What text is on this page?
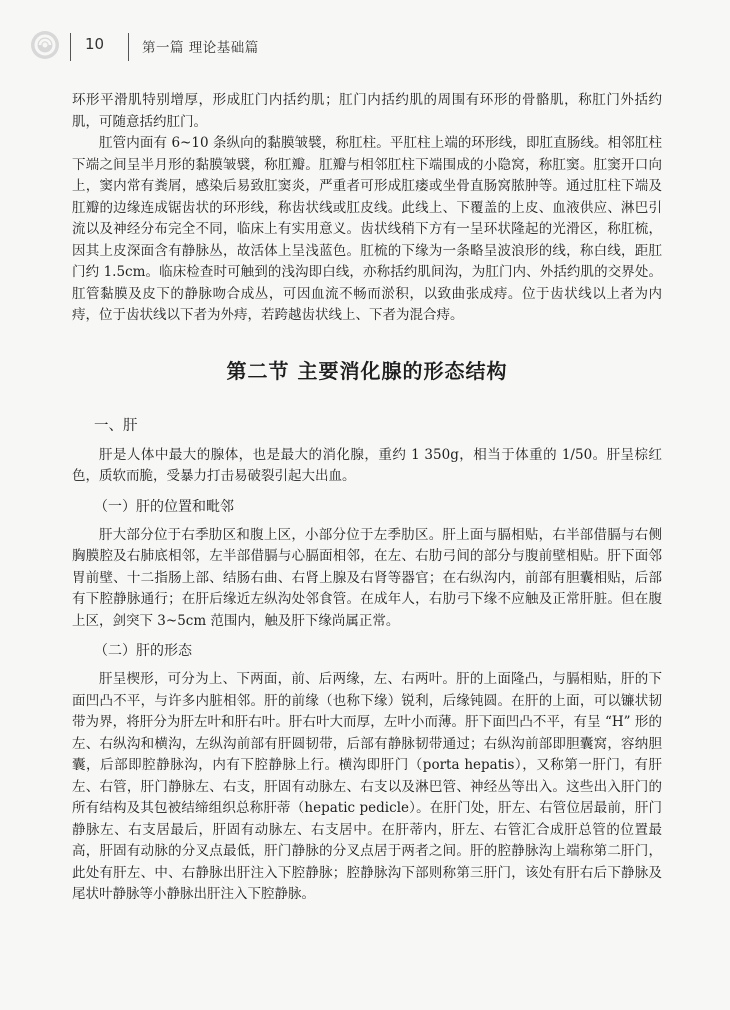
10	第一篇 理论基础篇

环形平滑肌特别增厚，形成肛门内括约肌；肛门内括约肌的周围有环形的骨骼肌，称肛门外括约肌，可随意括约肛门。

肛管内面有 6~10 条纵向的黏膜皱襞，称肛柱。平肛柱上端的环形线，即肛直肠线。相邻肛柱下端之间呈半月形的黏膜皱襞，称肛瓣。肛瓣与相邻肛柱下端围成的小隐窝，称肛窦。肛窦开口向上，窦内常有粪屑，感染后易致肛窦炎，严重者可形成肛瘘或坐骨直肠窝脓肿等。通过肛柱下端及肛瓣的边缘连成锯齿状的环形线，称齿状线或肛皮线。此线上、下覆盖的上皮、血液供应、淋巴引流以及神经分布完全不同，临床上有实用意义。齿状线稍下方有一呈环状隆起的光滑区，称肛梳，因其上皮深面含有静脉丛，故活体上呈浅蓝色。肛梳的下缘为一条略呈波浪形的线，称白线，距肛门约 1.5cm。临床检查时可触到的浅沟即白线，亦称括约肌间沟，为肛门内、外括约肌的交界处。肛管黏膜及皮下的静脉吻合成丛，可因血流不畅而淤积，以致曲张成痔。位于齿状线以上者为内痔，位于齿状线以下者为外痔，若跨越齿状线上、下者为混合痔。

第二节 主要消化腺的形态结构
一、肝

肝是人体中最大的腺体，也是最大的消化腺，重约 1 350g，相当于体重的 1/50。肝呈棕红色，质软而脆，受暴力打击易破裂引起大出血。

（一）肝的位置和毗邻

肝大部分位于右季肋区和腹上区，小部分位于左季肋区。肝上面与膈相贴，右半部借膈与右侧胸膜腔及右肺底相邻，左半部借膈与心膈面相邻，在左、右肋弓间的部分与腹前壁相贴。肝下面邻胃前壁、十二指肠上部、结肠右曲、右肾上腺及右肾等器官；在右纵沟内，前部有胆囊相贴，后部有下腔静脉通行；在肝后缘近左纵沟处邻食管。在成年人，右肋弓下缘不应触及正常肝脏。但在腹上区，剑突下 3~5cm 范围内，触及肝下缘尚属正常。

（二）肝的形态

肝呈楔形，可分为上、下两面，前、后两缘，左、右两叶。肝的上面隆凸，与膈相贴，肝的下面凹凸不平，与许多内脏相邻。肝的前缘（也称下缘）锐利，后缘钝圆。在肝的上面，可以镰状韧带为界，将肝分为肝左叶和肝右叶。肝右叶大而厚，左叶小而薄。肝下面凹凸不平，有呈 “H” 形的左、右纵沟和横沟，左纵沟前部有肝圆韧带，后部有静脉韧带通过；右纵沟前部即胆囊窝，容纳胆囊，后部即腔静脉沟，内有下腔静脉上行。横沟即肝门（porta hepatis），又称第一肝门，有肝左、右管，肝门静脉左、右支，肝固有动脉左、右支以及淋巴管、神经丛等出入。这些出入肝门的所有结构及其包被结缔组织总称肝蒂（hepatic pedicle）。在肝门处，肝左、右管位居最前，肝门静脉左、右支居最后，肝固有动脉左、右支居中。在肝蒂内，肝左、右管汇合成肝总管的位置最高，肝固有动脉的分叉点最低，肝门静脉的分叉点居于两者之间。肝的腔静脉沟上端称第二肝门，此处有肝左、中、右静脉出肝注入下腔静脉；腔静脉沟下部则称第三肝门，该处有肝右后下静脉及尾状叶静脉等小静脉出肝注入下腔静脉。
